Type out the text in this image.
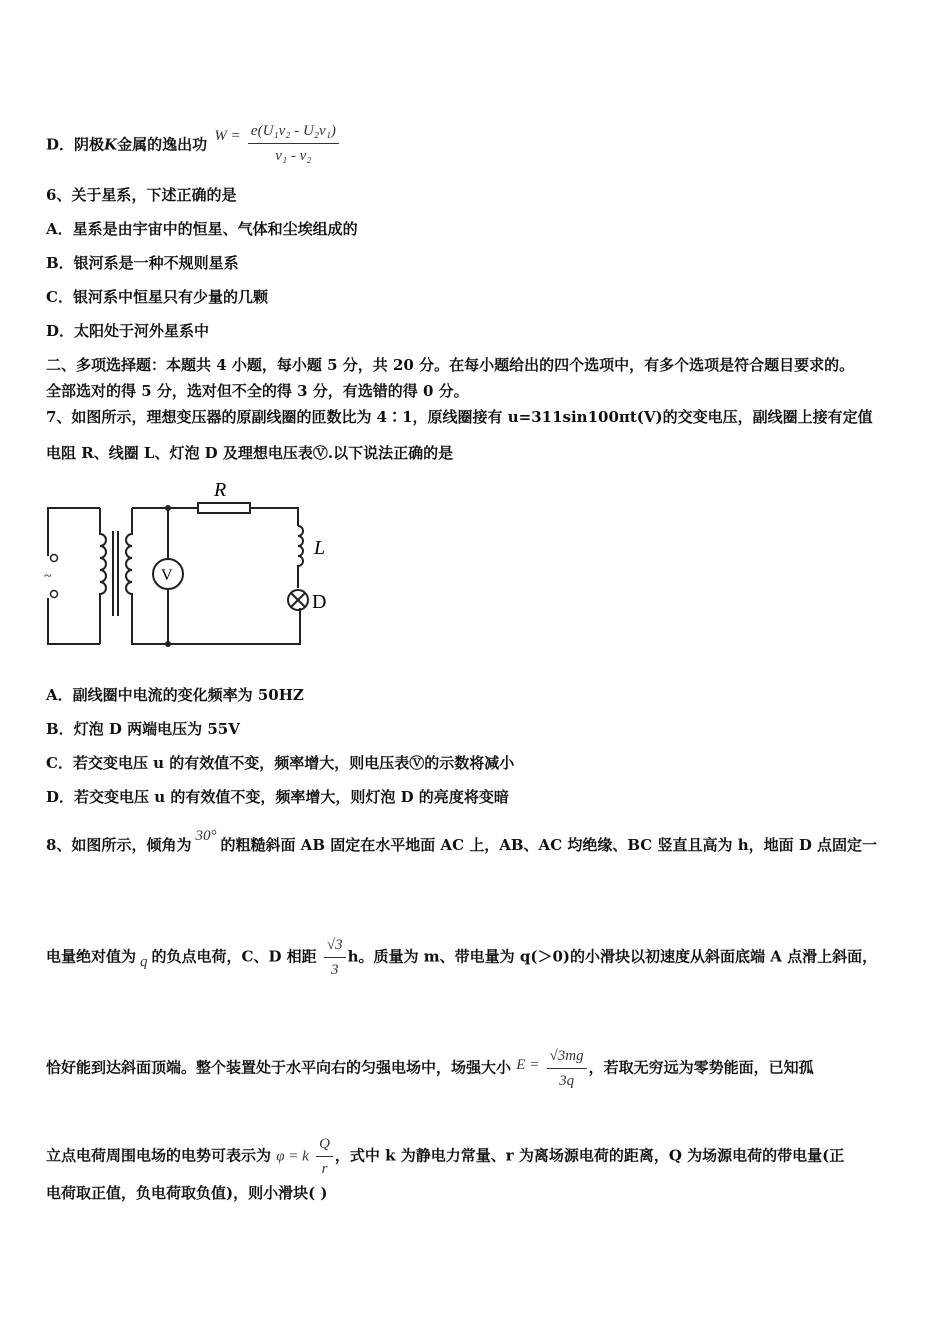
D．阴极K金属的逸出功 $W = \frac{\text{e(U₁v₂ - U₂v₁)}}{\text{v₁ - v₂}}$
6、关于星系，下述正确的是
A．星系是由宇宙中的恒星、气体和尘埃组成的
B．银河系是一种不规则星系
C．银河系中恒星只有少量的几颗
D．太阳处于河外星系中
二、多项选择题：本题共 4 小题，每小题 5 分，共 20 分。在每小题给出的四个选项中，有多个选项是符合题目要求的。
全部选对的得 5 分，选对但不全的得 3 分，有选错的得 0 分。
7、如图所示，理想变压器的原副线圈的匝数比为 4∶1，原线圈接有 u=311sin100πt(V)的交变电压，副线圈上接有定值
电阻 R、线圈 L、灯泡 D 及理想电压表Ⓥ.以下说法正确的是
R
L
D
V
~
A．副线圈中电流的变化频率为 50HZ
B．灯泡 D 两端电压为 55V
C．若交变电压 u 的有效值不变，频率增大，则电压表Ⓥ的示数将减小
D．若交变电压 u 的有效值不变，频率增大，则灯泡 D 的亮度将变暗
8、如图所示，倾角为 30° 的粗糙斜面 AB 固定在水平地面 AC 上，AB、AC 均绝缘、BC 竖直且高为 h，地面 D 点固定一
电量绝对值为 q 的负点电荷，C、D 相距 $\frac{√3}{3}$ h。质量为 m、带电量为 q(＞0)的小滑块以初速度从斜面底端 A 点滑上斜面，
恰好能到达斜面顶端。整个装置处于水平向右的匀强电场中，场强大小 $E = \frac{√3mg}{3q}$ ，若取无穷远为零势能面，已知孤
立点电荷周围电场的电势可表示为 φ = k $\frac{Q}{r}$ ，式中 k 为静电力常量、r 为离场源电荷的距离，Q 为场源电荷的带电量(正
电荷取正值，负电荷取负值)，则小滑块( )
